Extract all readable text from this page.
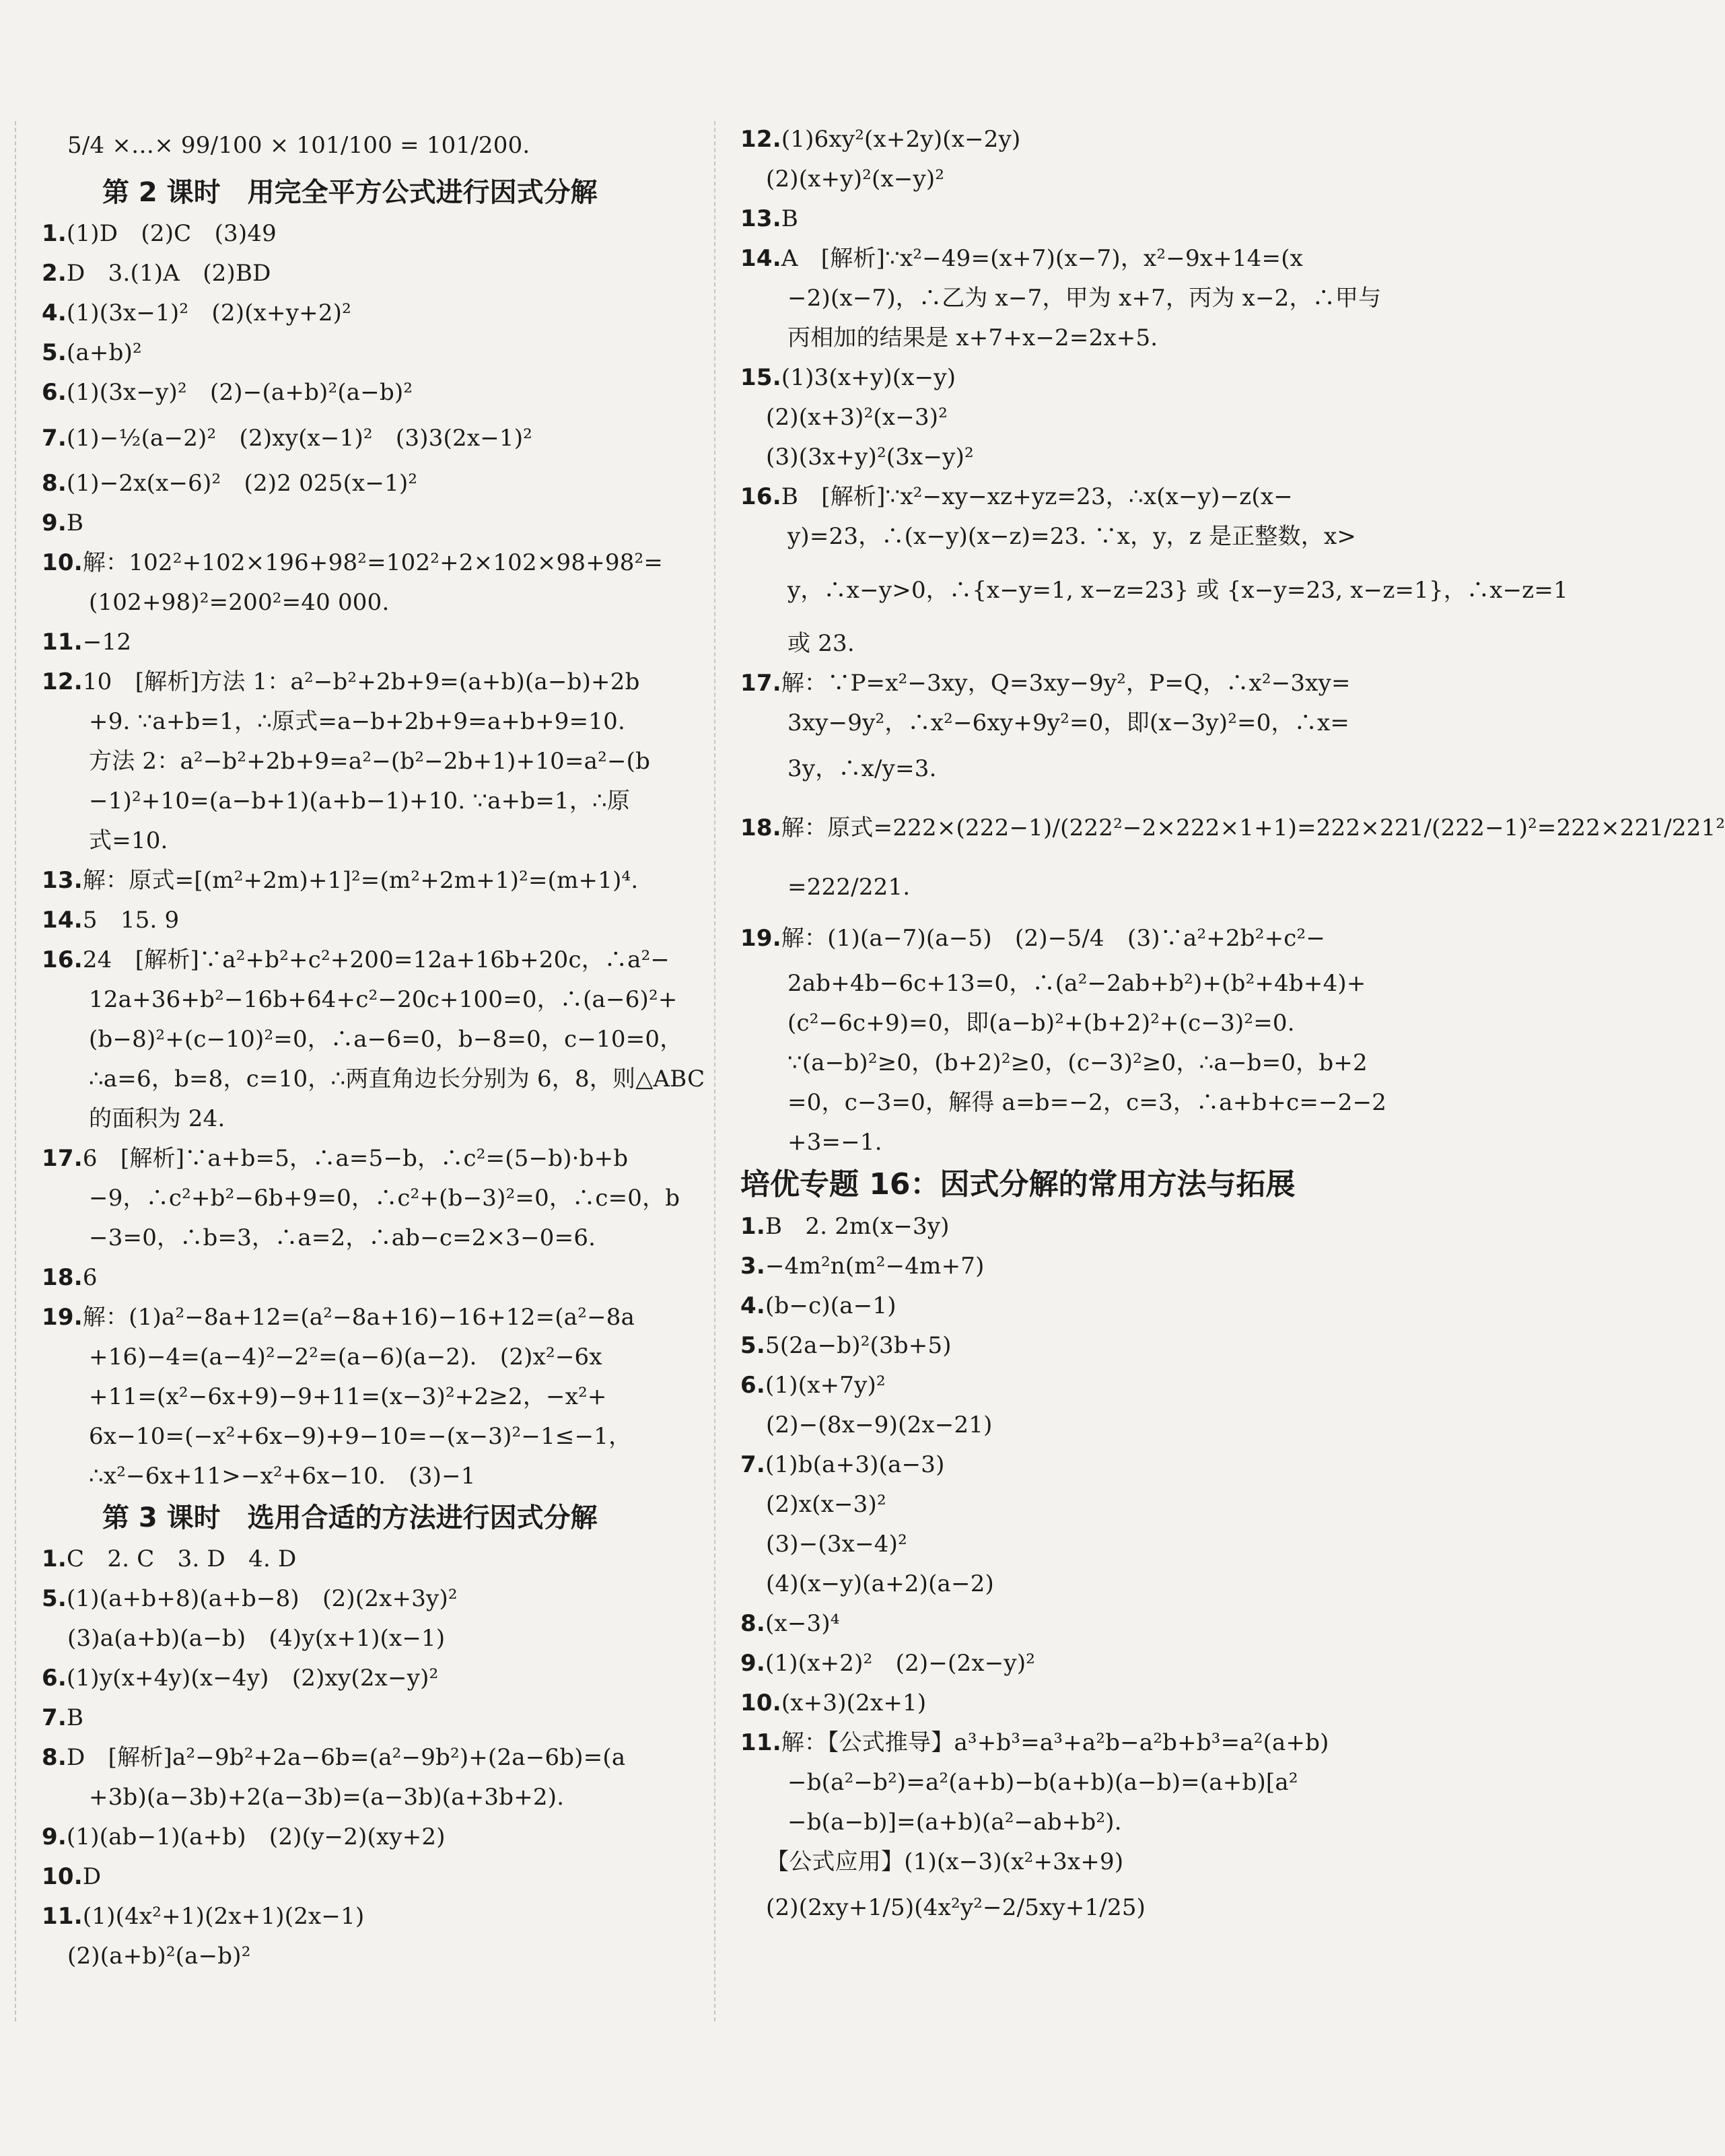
5/4 ×…× 99/100 × 101/100 = 101/200.
第 2 课时　用完全平方公式进行因式分解
1.(1)D　(2)C　(3)49
2.D　3.(1)A　(2)BD
4.(1)(3x−1)²　(2)(x+y+2)²
5.(a+b)²
6.(1)(3x−y)²　(2)−(a+b)²(a−b)²
7.(1)−½(a−2)²　(2)xy(x−1)²　(3)3(2x−1)²
8.(1)−2x(x−6)²　(2)2 025(x−1)²
9.B
10.解：102²+102×196+98²=102²+2×102×98+98²=
(102+98)²=200²=40 000.
11.−12
12.10　[解析]方法 1：a²−b²+2b+9=(a+b)(a−b)+2b
+9. ∵a+b=1，∴原式=a−b+2b+9=a+b+9=10.
方法 2：a²−b²+2b+9=a²−(b²−2b+1)+10=a²−(b
−1)²+10=(a−b+1)(a+b−1)+10. ∵a+b=1，∴原
式=10.
13.解：原式=[(m²+2m)+1]²=(m²+2m+1)²=(m+1)⁴.
14.5　15. 9
16.24　[解析]∵a²+b²+c²+200=12a+16b+20c，∴a²−
12a+36+b²−16b+64+c²−20c+100=0，∴(a−6)²+
(b−8)²+(c−10)²=0，∴a−6=0，b−8=0，c−10=0，
∴a=6，b=8，c=10，∴两直角边长分别为 6，8，则△ABC
的面积为 24.
17.6　[解析]∵a+b=5，∴a=5−b，∴c²=(5−b)·b+b
−9，∴c²+b²−6b+9=0，∴c²+(b−3)²=0，∴c=0，b
−3=0，∴b=3，∴a=2，∴ab−c=2×3−0=6.
18.6
19.解：(1)a²−8a+12=(a²−8a+16)−16+12=(a²−8a
+16)−4=(a−4)²−2²=(a−6)(a−2).　(2)x²−6x
+11=(x²−6x+9)−9+11=(x−3)²+2≥2，−x²+
6x−10=(−x²+6x−9)+9−10=−(x−3)²−1≤−1，
∴x²−6x+11>−x²+6x−10.　(3)−1
第 3 课时　选用合适的方法进行因式分解
1.C　2. C　3. D　4. D
5.(1)(a+b+8)(a+b−8)　(2)(2x+3y)²
(3)a(a+b)(a−b)　(4)y(x+1)(x−1)
6.(1)y(x+4y)(x−4y)　(2)xy(2x−y)²
7.B
8.D　[解析]a²−9b²+2a−6b=(a²−9b²)+(2a−6b)=(a
+3b)(a−3b)+2(a−3b)=(a−3b)(a+3b+2).
9.(1)(ab−1)(a+b)　(2)(y−2)(xy+2)
10.D
11.(1)(4x²+1)(2x+1)(2x−1)
(2)(a+b)²(a−b)²
12.(1)6xy²(x+2y)(x−2y)
(2)(x+y)²(x−y)²
13.B
14.A　[解析]∵x²−49=(x+7)(x−7)，x²−9x+14=(x
−2)(x−7)，∴乙为 x−7，甲为 x+7，丙为 x−2，∴甲与
丙相加的结果是 x+7+x−2=2x+5.
15.(1)3(x+y)(x−y)
(2)(x+3)²(x−3)²
(3)(3x+y)²(3x−y)²
16.B　[解析]∵x²−xy−xz+yz=23，∴x(x−y)−z(x−
y)=23，∴(x−y)(x−z)=23. ∵x，y，z 是正整数，x>
y，∴x−y>0，∴{x−y=1, x−z=23} 或 {x−y=23, x−z=1}，∴x−z=1
或 23.
17.解：∵P=x²−3xy，Q=3xy−9y²，P=Q，∴x²−3xy=
3xy−9y²，∴x²−6xy+9y²=0，即(x−3y)²=0，∴x=
3y，∴x/y=3.
18.解：原式=222×(222−1)/(222²−2×222×1+1)=222×221/(222−1)²=222×221/221²
=222/221.
19.解：(1)(a−7)(a−5)　(2)−5/4　(3)∵a²+2b²+c²−
2ab+4b−6c+13=0，∴(a²−2ab+b²)+(b²+4b+4)+
(c²−6c+9)=0，即(a−b)²+(b+2)²+(c−3)²=0.
∵(a−b)²≥0，(b+2)²≥0，(c−3)²≥0，∴a−b=0，b+2
=0，c−3=0，解得 a=b=−2，c=3，∴a+b+c=−2−2
+3=−1.
培优专题 16：因式分解的常用方法与拓展
1.B　2. 2m(x−3y)
3.−4m²n(m²−4m+7)
4.(b−c)(a−1)
5.5(2a−b)²(3b+5)
6.(1)(x+7y)²
(2)−(8x−9)(2x−21)
7.(1)b(a+3)(a−3)
(2)x(x−3)²
(3)−(3x−4)²
(4)(x−y)(a+2)(a−2)
8.(x−3)⁴
9.(1)(x+2)²　(2)−(2x−y)²
10.(x+3)(2x+1)
11.解：【公式推导】a³+b³=a³+a²b−a²b+b³=a²(a+b)
−b(a²−b²)=a²(a+b)−b(a+b)(a−b)=(a+b)[a²
−b(a−b)]=(a+b)(a²−ab+b²).
【公式应用】(1)(x−3)(x²+3x+9)
(2)(2xy+1/5)(4x²y²−2/5xy+1/25)
